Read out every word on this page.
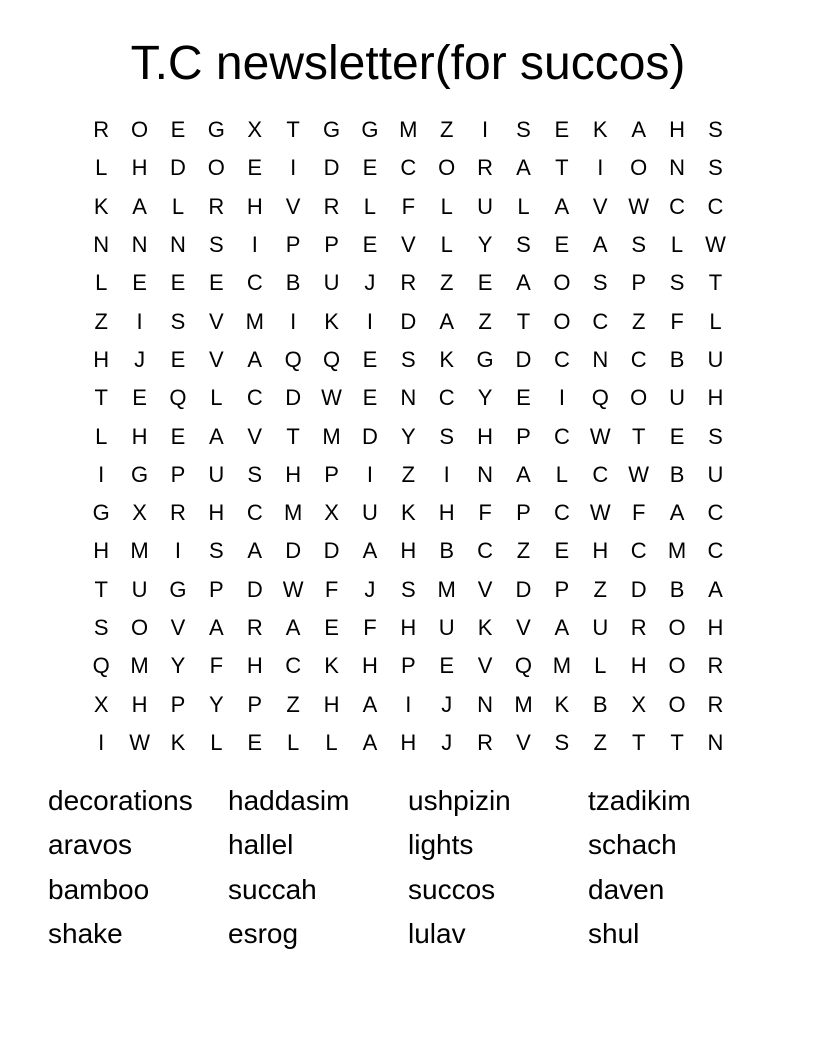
T.C newsletter(for succos)
R O	E	G	X	T	G G M	Z	I	S	E	K	A	H	S
L	H	D O	E	I	D	E	C O R	A	T	I	O N	S
K	A	L	R	H	V	R	L	F	L	U	L	A	V W C	C
N	N	N	S	I	P	P	E	V	L	Y	S	E	A	S	L W
L	E	E	E	C	B	U	J	R	Z	E	A	O	S	P	S	T
Z	I	S	V M	I	K	I	D	A	Z	T	O C	Z	F	L
H	J	E	V	A	Q Q	E	S	K	G D	C	N	C	B	U
T	E	Q	L	C	D W E	N	C	Y	E	I	Q O U	H
L	H	E	A	V	T	M D	Y	S	H	P	C W T	E	S
I	G	P	U	S	H	P	I	Z	I	N	A	L	C W B	U
G	X	R	H	C M X	U	K	H	F	P	C W F	A	C
H M	I	S	A	D	D	A	H	B	C	Z	E	H	C M C
T	U G	P	D W F	J	S M V	D	P	Z	D	B	A
S	O	V	A	R	A	E	F	H	U	K	V	A	U	R O H
Q M Y	F	H	C	K	H	P	E	V	Q M	L	H O R
X	H	P	Y	P	Z	H	A	I	J	N M K	B	X	O R
I	W K	L	E	L	L	A	H	J	R	V	S	Z	T	T	N
decorations	haddasim	ushpizin	tzadikim
aravos	hallel	lights	schach
bamboo	succah	succos	daven
shake	esrog	lulav	shul
